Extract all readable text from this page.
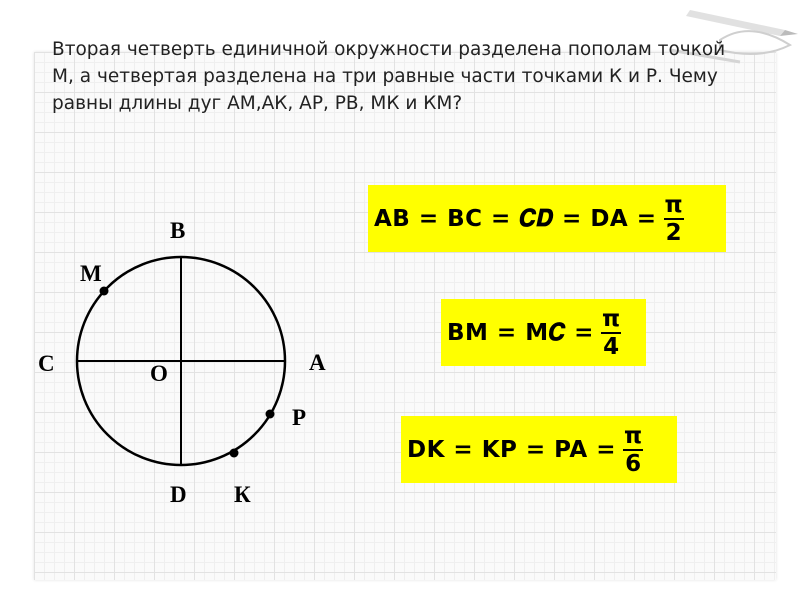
Вторая четверть единичной окружности разделена пополам точкой М, а четвертая разделена на три равные части точками К и Р. Чему равны длины дуг АМ,АК, АР, РВ, МК и КМ?

B
M
C	O	A
P
D К
AB = BC = 𝑪𝑫 = DA = $\frac{\pi}{2}$
BM = M𝑪 = $\frac{\pi}{4}$
DK = KP = PA = $\frac{\pi}{6}$
